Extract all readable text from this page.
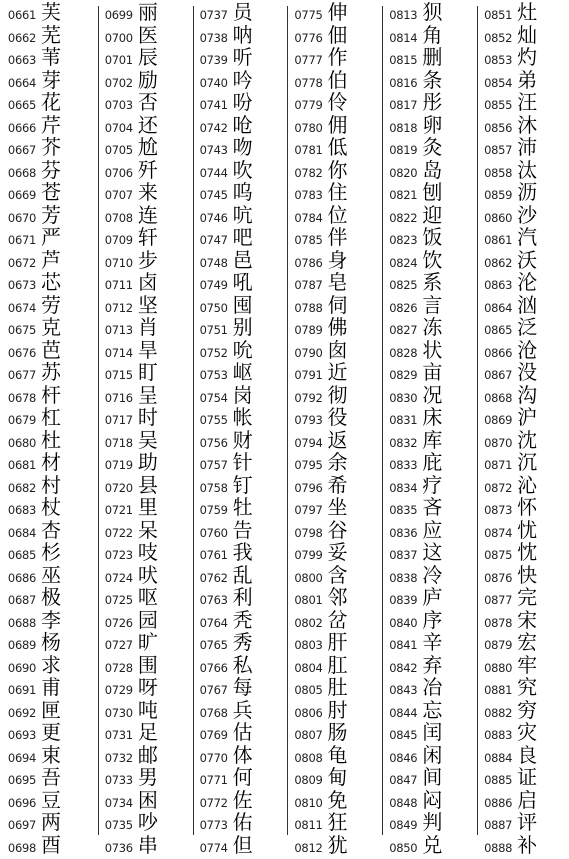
0661 芙
0662 芜
0663 苇
0664 芽
0665 花
0666 芹
0667 芥
0668 芬
0669 苍
0670 芳
0671 严
0672 芦
0673 芯
0674 劳
0675 克
0676 芭
0677 苏
0678 杆
0679 杠
0680 杜
0681 材
0682 村
0683 杖
0684 杏
0685 杉
0686 巫
0687 极
0688 李
0689 杨
0690 求
0691 甫
0692 匣
0693 更
0694 束
0695 吾
0696 豆
0697 两
0698 酉
0699 丽
0700 医
0701 辰
0702 励
0703 否
0704 还
0705 尬
0706 歼
0707 来
0708 连
0709 轩
0710 步
0711 卤
0712 坚
0713 肖
0714 旱
0715 盯
0716 呈
0717 时
0718 吴
0719 助
0720 县
0721 里
0722 呆
0723 吱
0724 吠
0725 呕
0726 园
0727 旷
0728 围
0729 呀
0730 吨
0731 足
0732 邮
0733 男
0734 困
0735 吵
0736 串
0737 员
0738 呐
0739 听
0740 吟
0741 吩
0742 呛
0743 吻
0744 吹
0745 呜
0746 吭
0747 吧
0748 邑
0749 吼
0750 囤
0751 别
0752 吮
0753 岖
0754 岗
0755 帐
0756 财
0757 针
0758 钉
0759 牡
0760 告
0761 我
0762 乱
0763 利
0764 秃
0765 秀
0766 私
0767 每
0768 兵
0769 估
0770 体
0771 何
0772 佐
0773 佑
0774 但
0775 伸
0776 佃
0777 作
0778 伯
0779 伶
0780 佣
0781 低
0782 你
0783 住
0784 位
0785 伴
0786 身
0787 皂
0788 伺
0789 佛
0790 囱
0791 近
0792 彻
0793 役
0794 返
0795 余
0796 希
0797 坐
0798 谷
0799 妥
0800 含
0801 邻
0802 岔
0803 肝
0804 肛
0805 肚
0806 肘
0807 肠
0808 龟
0809 甸
0810 免
0811 狂
0812 犹
0813 狈
0814 角
0815 删
0816 条
0817 彤
0818 卵
0819 灸
0820 岛
0821 刨
0822 迎
0823 饭
0824 饮
0825 系
0826 言
0827 冻
0828 状
0829 亩
0830 况
0831 床
0832 库
0833 庇
0834 疗
0835 吝
0836 应
0837 这
0838 冷
0839 庐
0840 序
0841 辛
0842 弃
0843 冶
0844 忘
0845 闰
0846 闲
0847 间
0848 闷
0849 判
0850 兑
0851 灶
0852 灿
0853 灼
0854 弟
0855 汪
0856 沐
0857 沛
0858 汰
0859 沥
0860 沙
0861 汽
0862 沃
0863 沦
0864 汹
0865 泛
0866 沧
0867 没
0868 沟
0869 沪
0870 沈
0871 沉
0872 沁
0873 怀
0874 忧
0875 忱
0876 快
0877 完
0878 宋
0879 宏
0880 牢
0881 究
0882 穷
0883 灾
0884 良
0885 证
0886 启
0887 评
0888 补
